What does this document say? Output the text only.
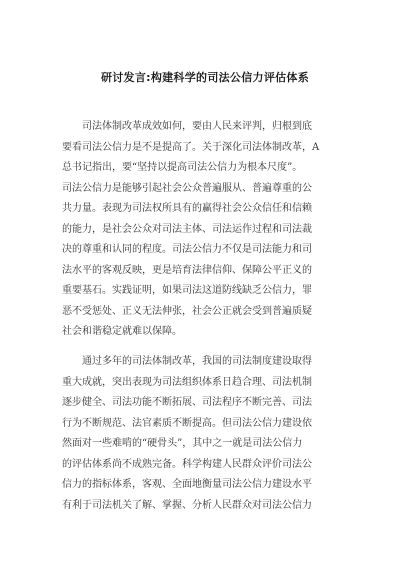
研讨发言:构建科学的司法公信力评估体系
司法体制改革成效如何，要由人民来评判，归根到底
要看司法公信力是不是提高了。关于深化司法体制改革，A
总书记指出，要“坚持以提高司法公信力为根本尺度”。
司法公信力是能够引起社会公众普遍服从、普遍尊重的公
共力量。表现为司法权所具有的赢得社会公众信任和信赖
的能力，是社会公众对司法主体、司法运作过程和司法裁
决的尊重和认同的程度。司法公信力不仅是司法能力和司
法水平的客观反映，更是培育法律信仰、保障公平正义的
重要基石。实践证明，如果司法这道防线缺乏公信力，罪
恶不受惩处、正义无法伸张，社会公正就会受到普遍质疑
社会和谐稳定就难以保障。
通过多年的司法体制改革，我国的司法制度建设取得
重大成就，突出表现为司法组织体系日趋合理、司法机制
逐步健全、司法功能不断拓展、司法程序不断完善、司法
行为不断规范、法官素质不断提高。但司法公信力建设依
然面对一些难啃的“硬骨头”，其中之一就是司法公信力
的评估体系尚不成熟完备。科学构建人民群众评价司法公
信力的指标体系，客观、全面地衡量司法公信力建设水平
有利于司法机关了解、掌握、分析人民群众对司法公信力
